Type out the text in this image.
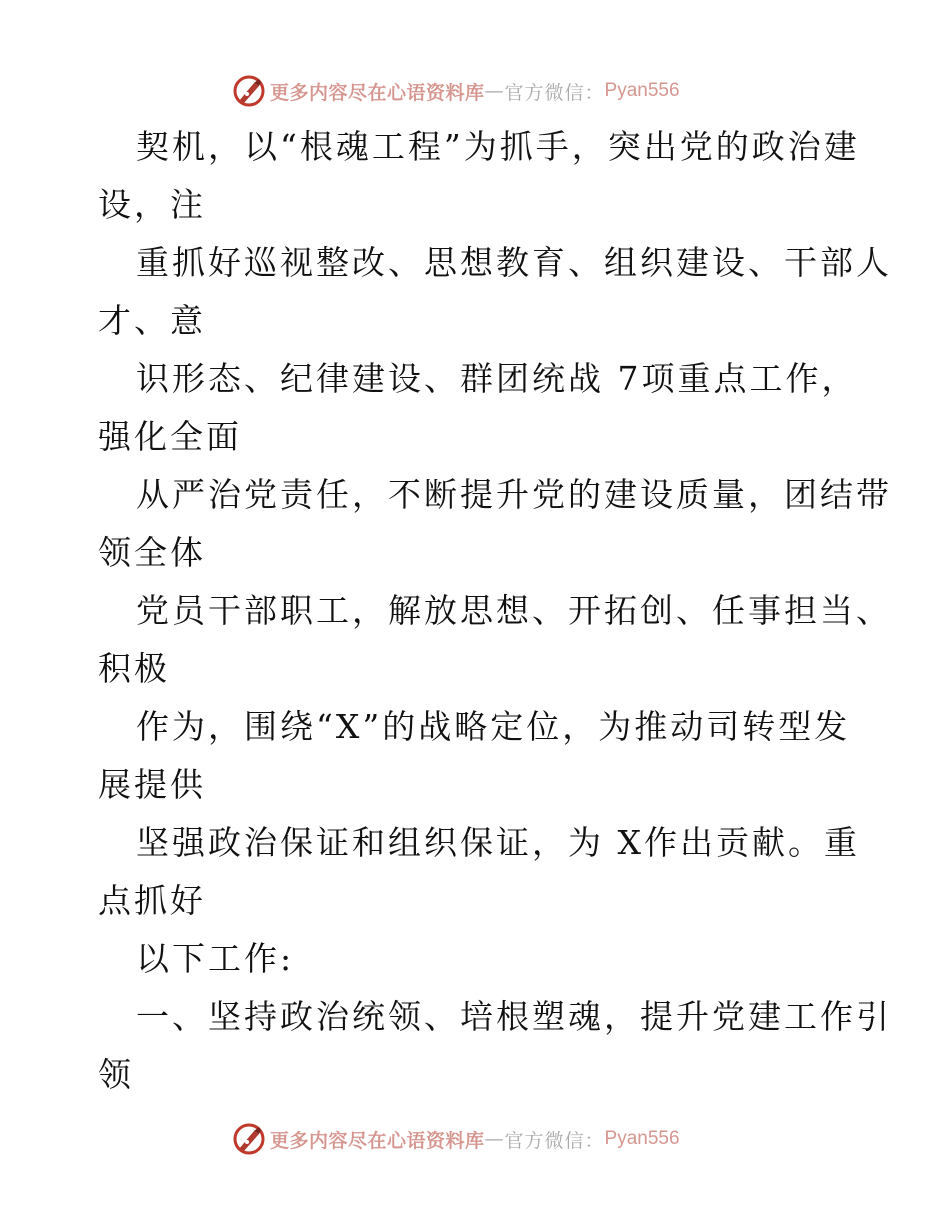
更多内容尽在心语资料库 — 官方微信： Pyan556

契机，以“根魂工程”为抓手，突出党的政治建
设，注

重抓好巡视整改、思想教育、组织建设、干部人
才、意

识形态、纪律建设、群团统战 7项重点工作，
强化全面

从严治党责任，不断提升党的建设质量，团结带
领全体

党员干部职工，解放思想、开拓创、任事担当、
积极

作为，围绕“X”的战略定位，为推动司转型发
展提供

坚强政治保证和组织保证，为 X作出贡献。重
点抓好

以下工作:

一、坚持政治统领、培根塑魂，提升党建工作引
领

更多内容尽在心语资料库 — 官方微信： Pyan556
